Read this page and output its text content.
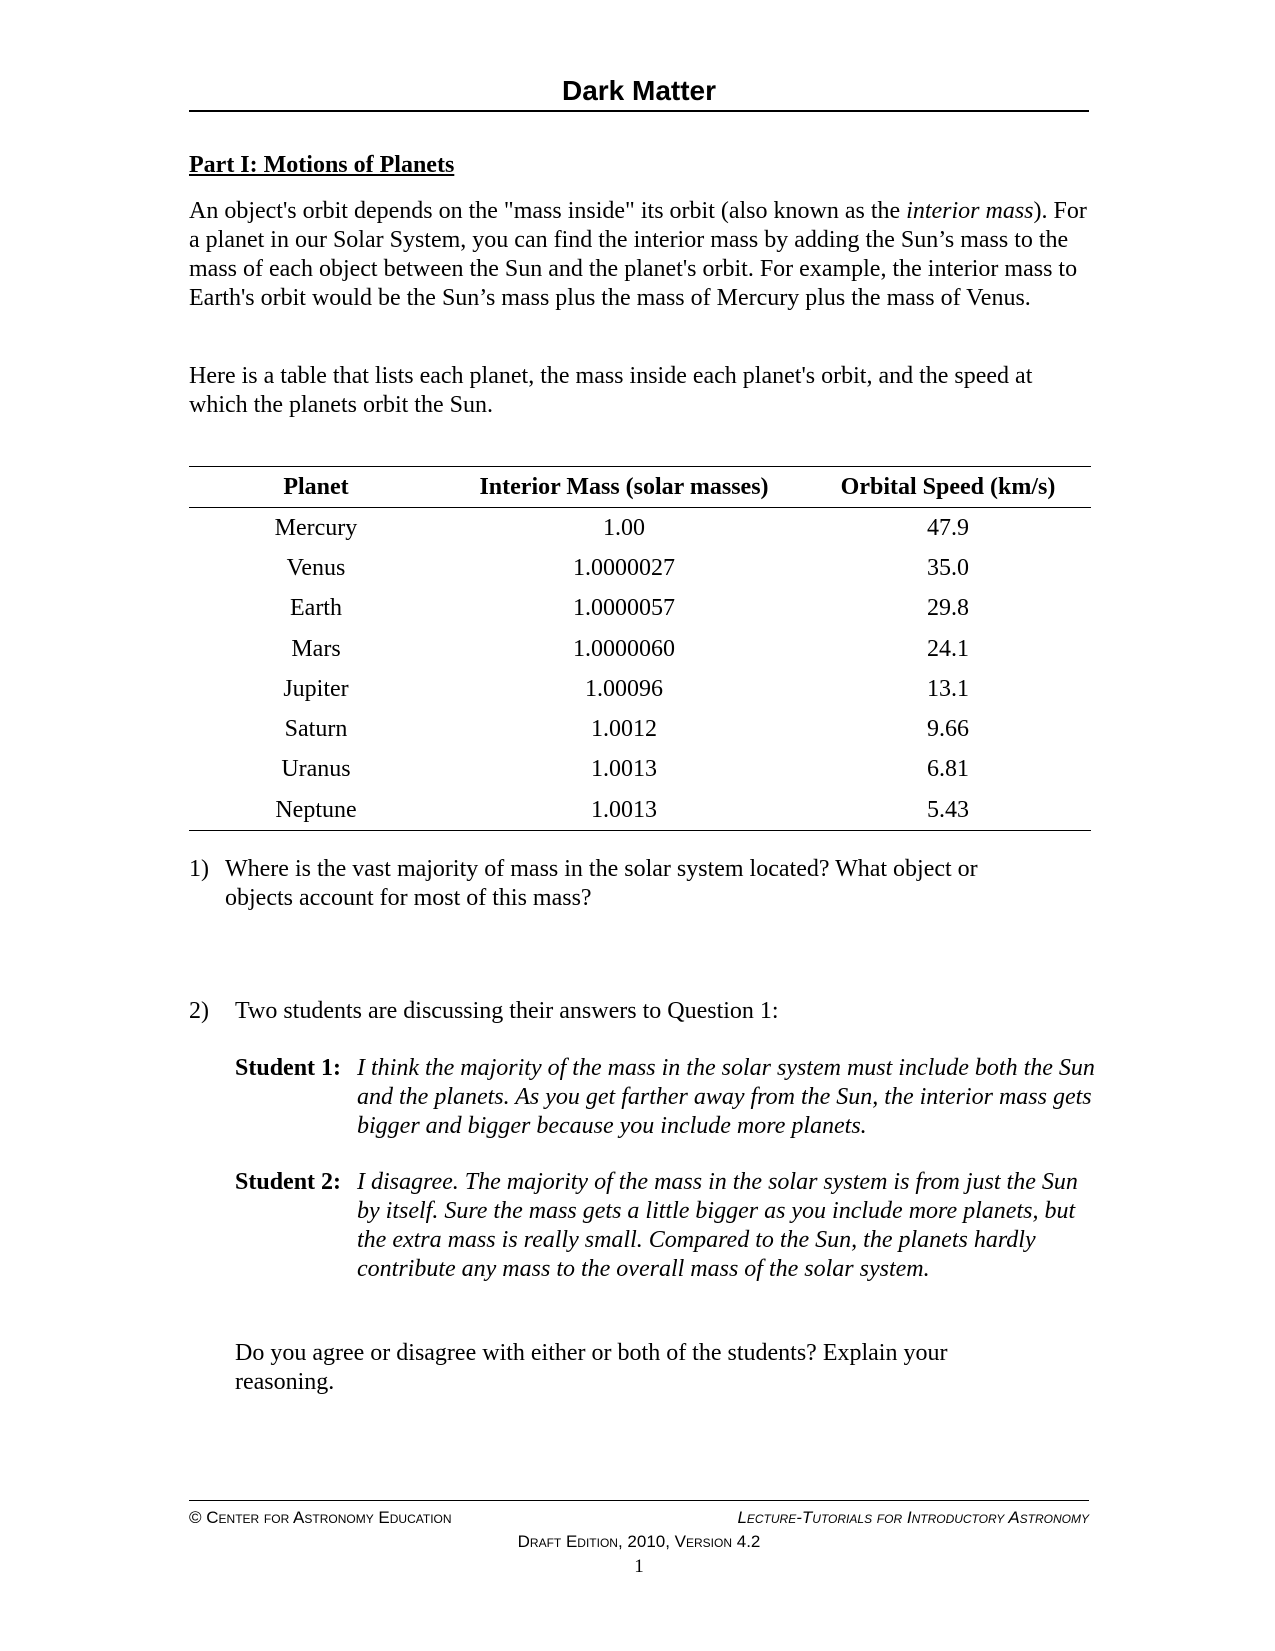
Dark Matter
Part I: Motions of Planets

An object's orbit depends on the "mass inside" its orbit (also known as the interior mass). For a planet in our Solar System, you can find the interior mass by adding the Sun’s mass to the mass of each object between the Sun and the planet's orbit. For example, the interior mass to Earth's orbit would be the Sun’s mass plus the mass of Mercury plus the mass of Venus.

Here is a table that lists each planet, the mass inside each planet's orbit, and the speed at which the planets orbit the Sun.

Planet	Interior Mass (solar masses)	Orbital Speed (km/s)
Mercury	1.00	47.9
Venus	1.0000027	35.0
Earth	1.0000057	29.8
Mars	1.0000060	24.1
Jupiter	1.00096	13.1
Saturn	1.0012	9.66
Uranus	1.0013	6.81
Neptune	1.0013	5.43
1) Where is the vast majority of mass in the solar system located? What object or objects account for most of this mass?
2) Two students are discussing their answers to Question 1:
Student 1: I think the majority of the mass in the solar system must include both the Sun and the planets. As you get farther away from the Sun, the interior mass gets bigger and bigger because you include more planets.
Student 2: I disagree. The majority of the mass in the solar system is from just the Sun by itself. Sure the mass gets a little bigger as you include more planets, but the extra mass is really small. Compared to the Sun, the planets hardly contribute any mass to the overall mass of the solar system.
Do you agree or disagree with either or both of the students? Explain your reasoning.
© Center for Astronomy Education	Lecture-Tutorials for Introductory Astronomy
Draft Edition, 2010, Version 4.2
1
